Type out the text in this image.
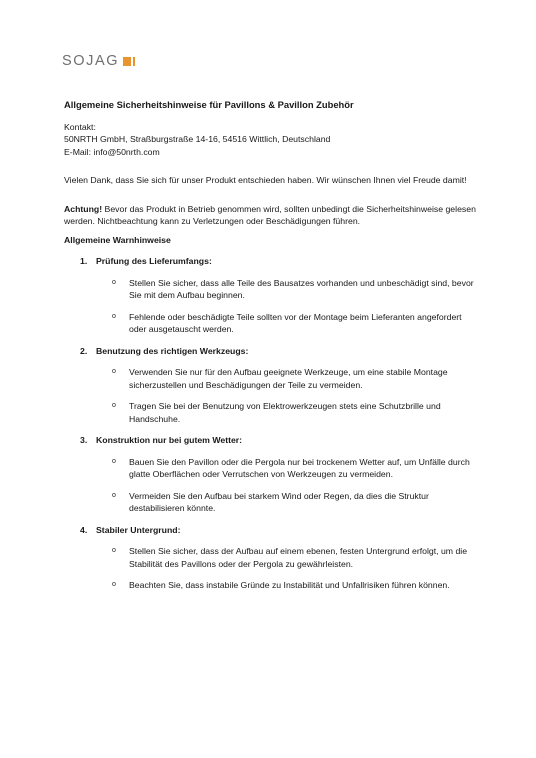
SOJAG

Allgemeine Sicherheitshinweise für Pavillons & Pavillon Zubehör

Kontakt:

50NRTH GmbH, Straßburgstraße 14-16, 54516 Wittlich, Deutschland

E-Mail: info@50nrth.com

Vielen Dank, dass Sie sich für unser Produkt entschieden haben. Wir wünschen Ihnen viel Freude damit!

Achtung! Bevor das Produkt in Betrieb genommen wird, sollten unbedingt die Sicherheitshinweise gelesen werden. Nichtbeachtung kann zu Verletzungen oder Beschädigungen führen.

Allgemeine Warnhinweise

1.	Prüfung des Lieferumfangs:
o	Stellen Sie sicher, dass alle Teile des Bausatzes vorhanden und unbeschädigt sind, bevor Sie mit dem Aufbau beginnen.
o	Fehlende oder beschädigte Teile sollten vor der Montage beim Lieferanten angefordert oder ausgetauscht werden.
2.	Benutzung des richtigen Werkzeugs:
o	Verwenden Sie nur für den Aufbau geeignete Werkzeuge, um eine stabile Montage sicherzustellen und Beschädigungen der Teile zu vermeiden.
o	Tragen Sie bei der Benutzung von Elektrowerkzeugen stets eine Schutzbrille und Handschuhe.
3.	Konstruktion nur bei gutem Wetter:
o	Bauen Sie den Pavillon oder die Pergola nur bei trockenem Wetter auf, um Unfälle durch glatte Oberflächen oder Verrutschen von Werkzeugen zu vermeiden.
o	Vermeiden Sie den Aufbau bei starkem Wind oder Regen, da dies die Struktur destabilisieren könnte.
4.	Stabiler Untergrund:
o	Stellen Sie sicher, dass der Aufbau auf einem ebenen, festen Untergrund erfolgt, um die Stabilität des Pavillons oder der Pergola zu gewährleisten.
o	Beachten Sie, dass instabile Gründe zu Instabilität und Unfallrisiken führen können.
